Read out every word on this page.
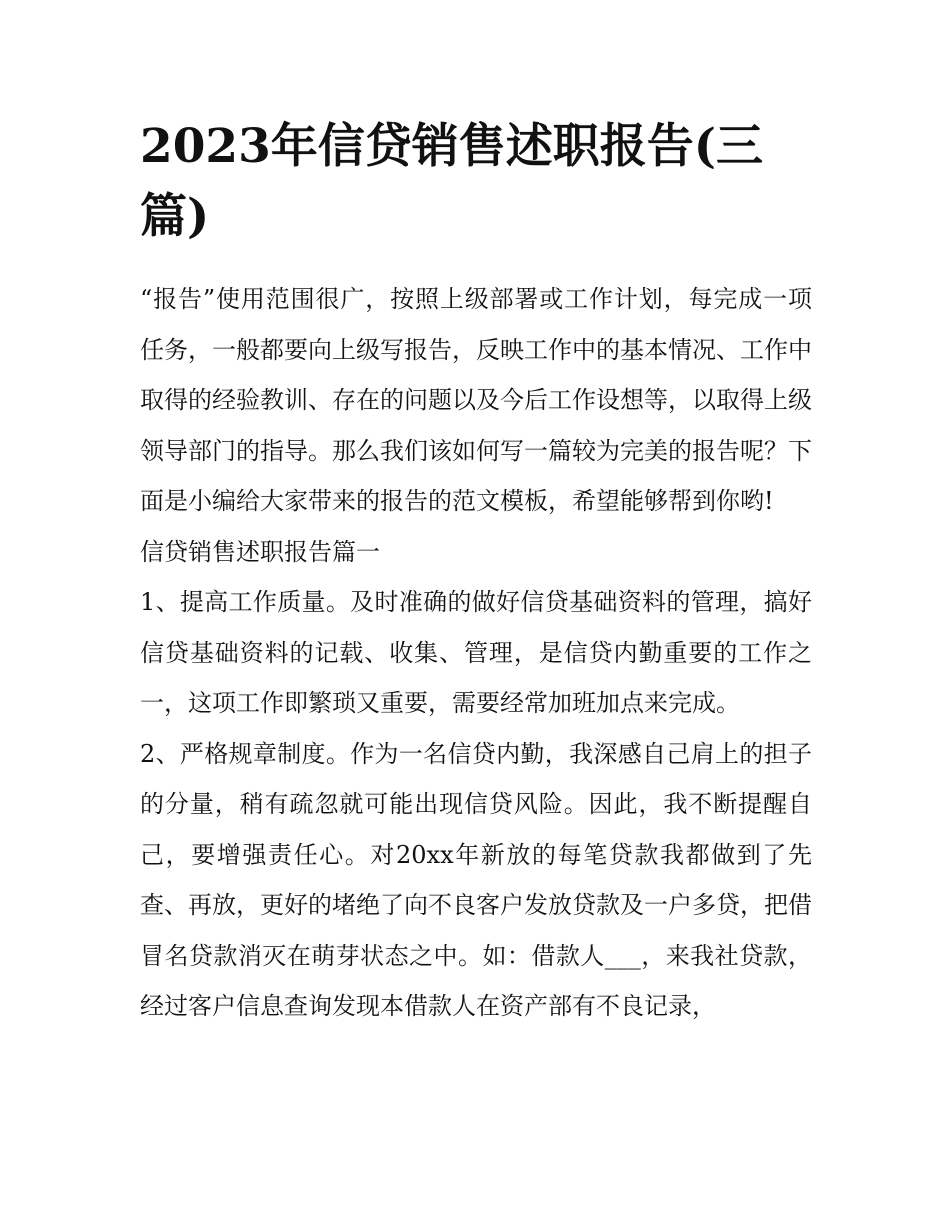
2023年信贷销售述职报告(三篇)

“报告”使用范围很广，按照上级部署或工作计划，每完成一项任务，一般都要向上级写报告，反映工作中的基本情况、工作中取得的经验教训、存在的问题以及今后工作设想等，以取得上级领导部门的指导。那么我们该如何写一篇较为完美的报告呢？下面是小编给大家带来的报告的范文模板，希望能够帮到你哟!

信贷销售述职报告篇一

1、提高工作质量。及时准确的做好信贷基础资料的管理，搞好信贷基础资料的记载、收集、管理，是信贷内勤重要的工作之一，这项工作即繁琐又重要，需要经常加班加点来完成。

2、严格规章制度。作为一名信贷内勤，我深感自己肩上的担子的分量，稍有疏忽就可能出现信贷风险。因此，我不断提醒自己，要增强责任心。对20xx年新放的每笔贷款我都做到了先查、再放，更好的堵绝了向不良客户发放贷款及一户多贷，把借冒名贷款消灭在萌芽状态之中。如：借款人___，来我社贷款，经过客户信息查询发现本借款人在资产部有不良记录，
